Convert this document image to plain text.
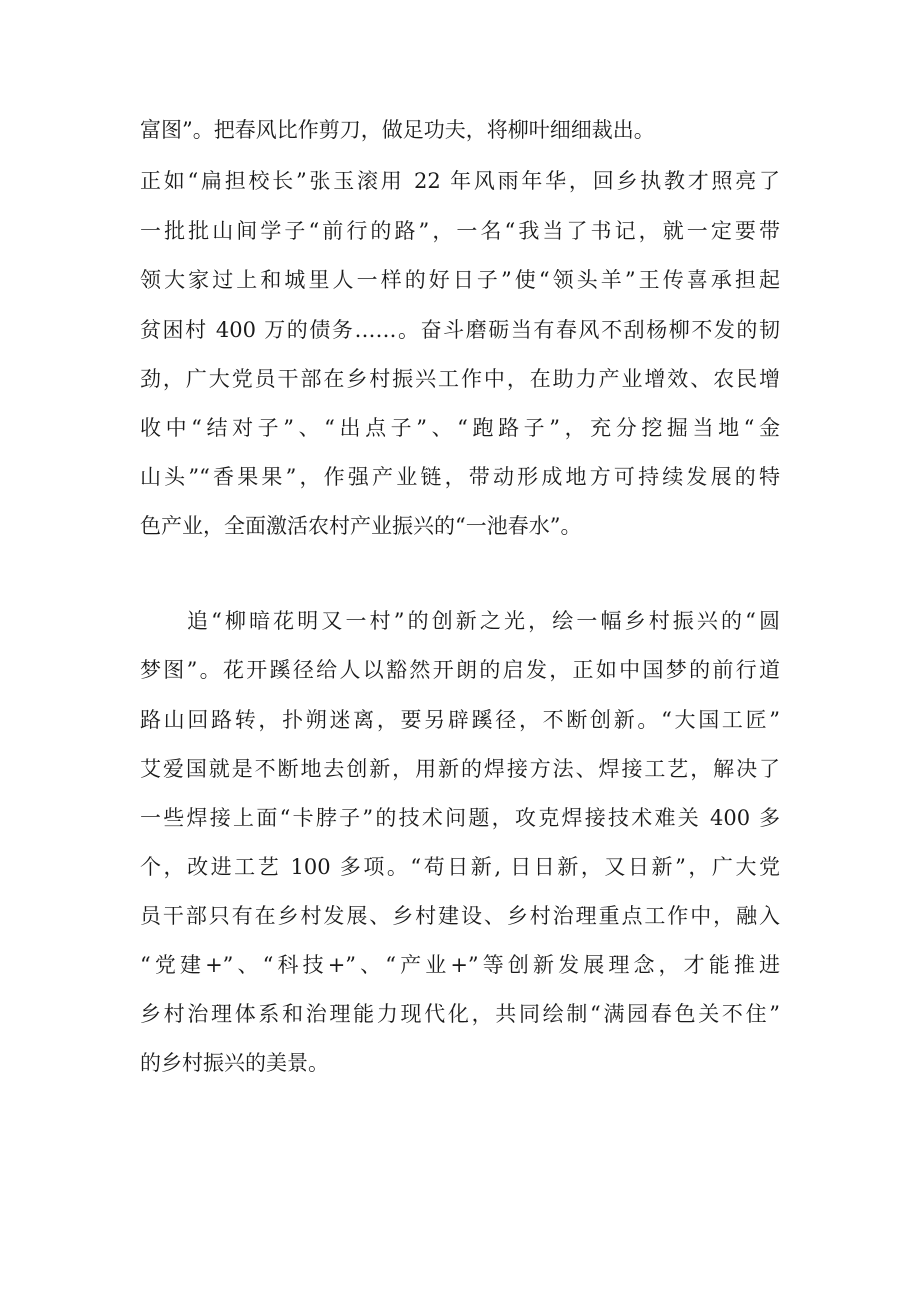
富图”。把春风比作剪刀，做足功夫，将柳叶细细裁出。
正如“扁担校长”张玉滚用 22 年风雨年华，回乡执教才照亮了
一批批山间学子“前行的路”，一名“我当了书记，就一定要带
领大家过上和城里人一样的好日子”使“领头羊”王传喜承担起
贫困村 400 万的债务……。奋斗磨砺当有春风不刮杨柳不发的韧
劲，广大党员干部在乡村振兴工作中，在助力产业增效、农民增
收中“结对子”、“出点子”、“跑路子”，充分挖掘当地“金
山头”“香果果”，作强产业链，带动形成地方可持续发展的特
色产业，全面激活农村产业振兴的“一池春水”。
追“柳暗花明又一村”的创新之光，绘一幅乡村振兴的“圆
梦图”。花开蹊径给人以豁然开朗的启发，正如中国梦的前行道
路山回路转，扑朔迷离，要另辟蹊径，不断创新。“大国工匠”
艾爱国就是不断地去创新，用新的焊接方法、焊接工艺，解决了
一些焊接上面“卡脖子”的技术问题，攻克焊接技术难关 400 多
个，改进工艺 100 多项。“苟日新, 日日新，又日新”，广大党
员干部只有在乡村发展、乡村建设、乡村治理重点工作中，融入
“党建+”、“科技+”、“产业+”等创新发展理念，才能推进
乡村治理体系和治理能力现代化，共同绘制“满园春色关不住”
的乡村振兴的美景。
